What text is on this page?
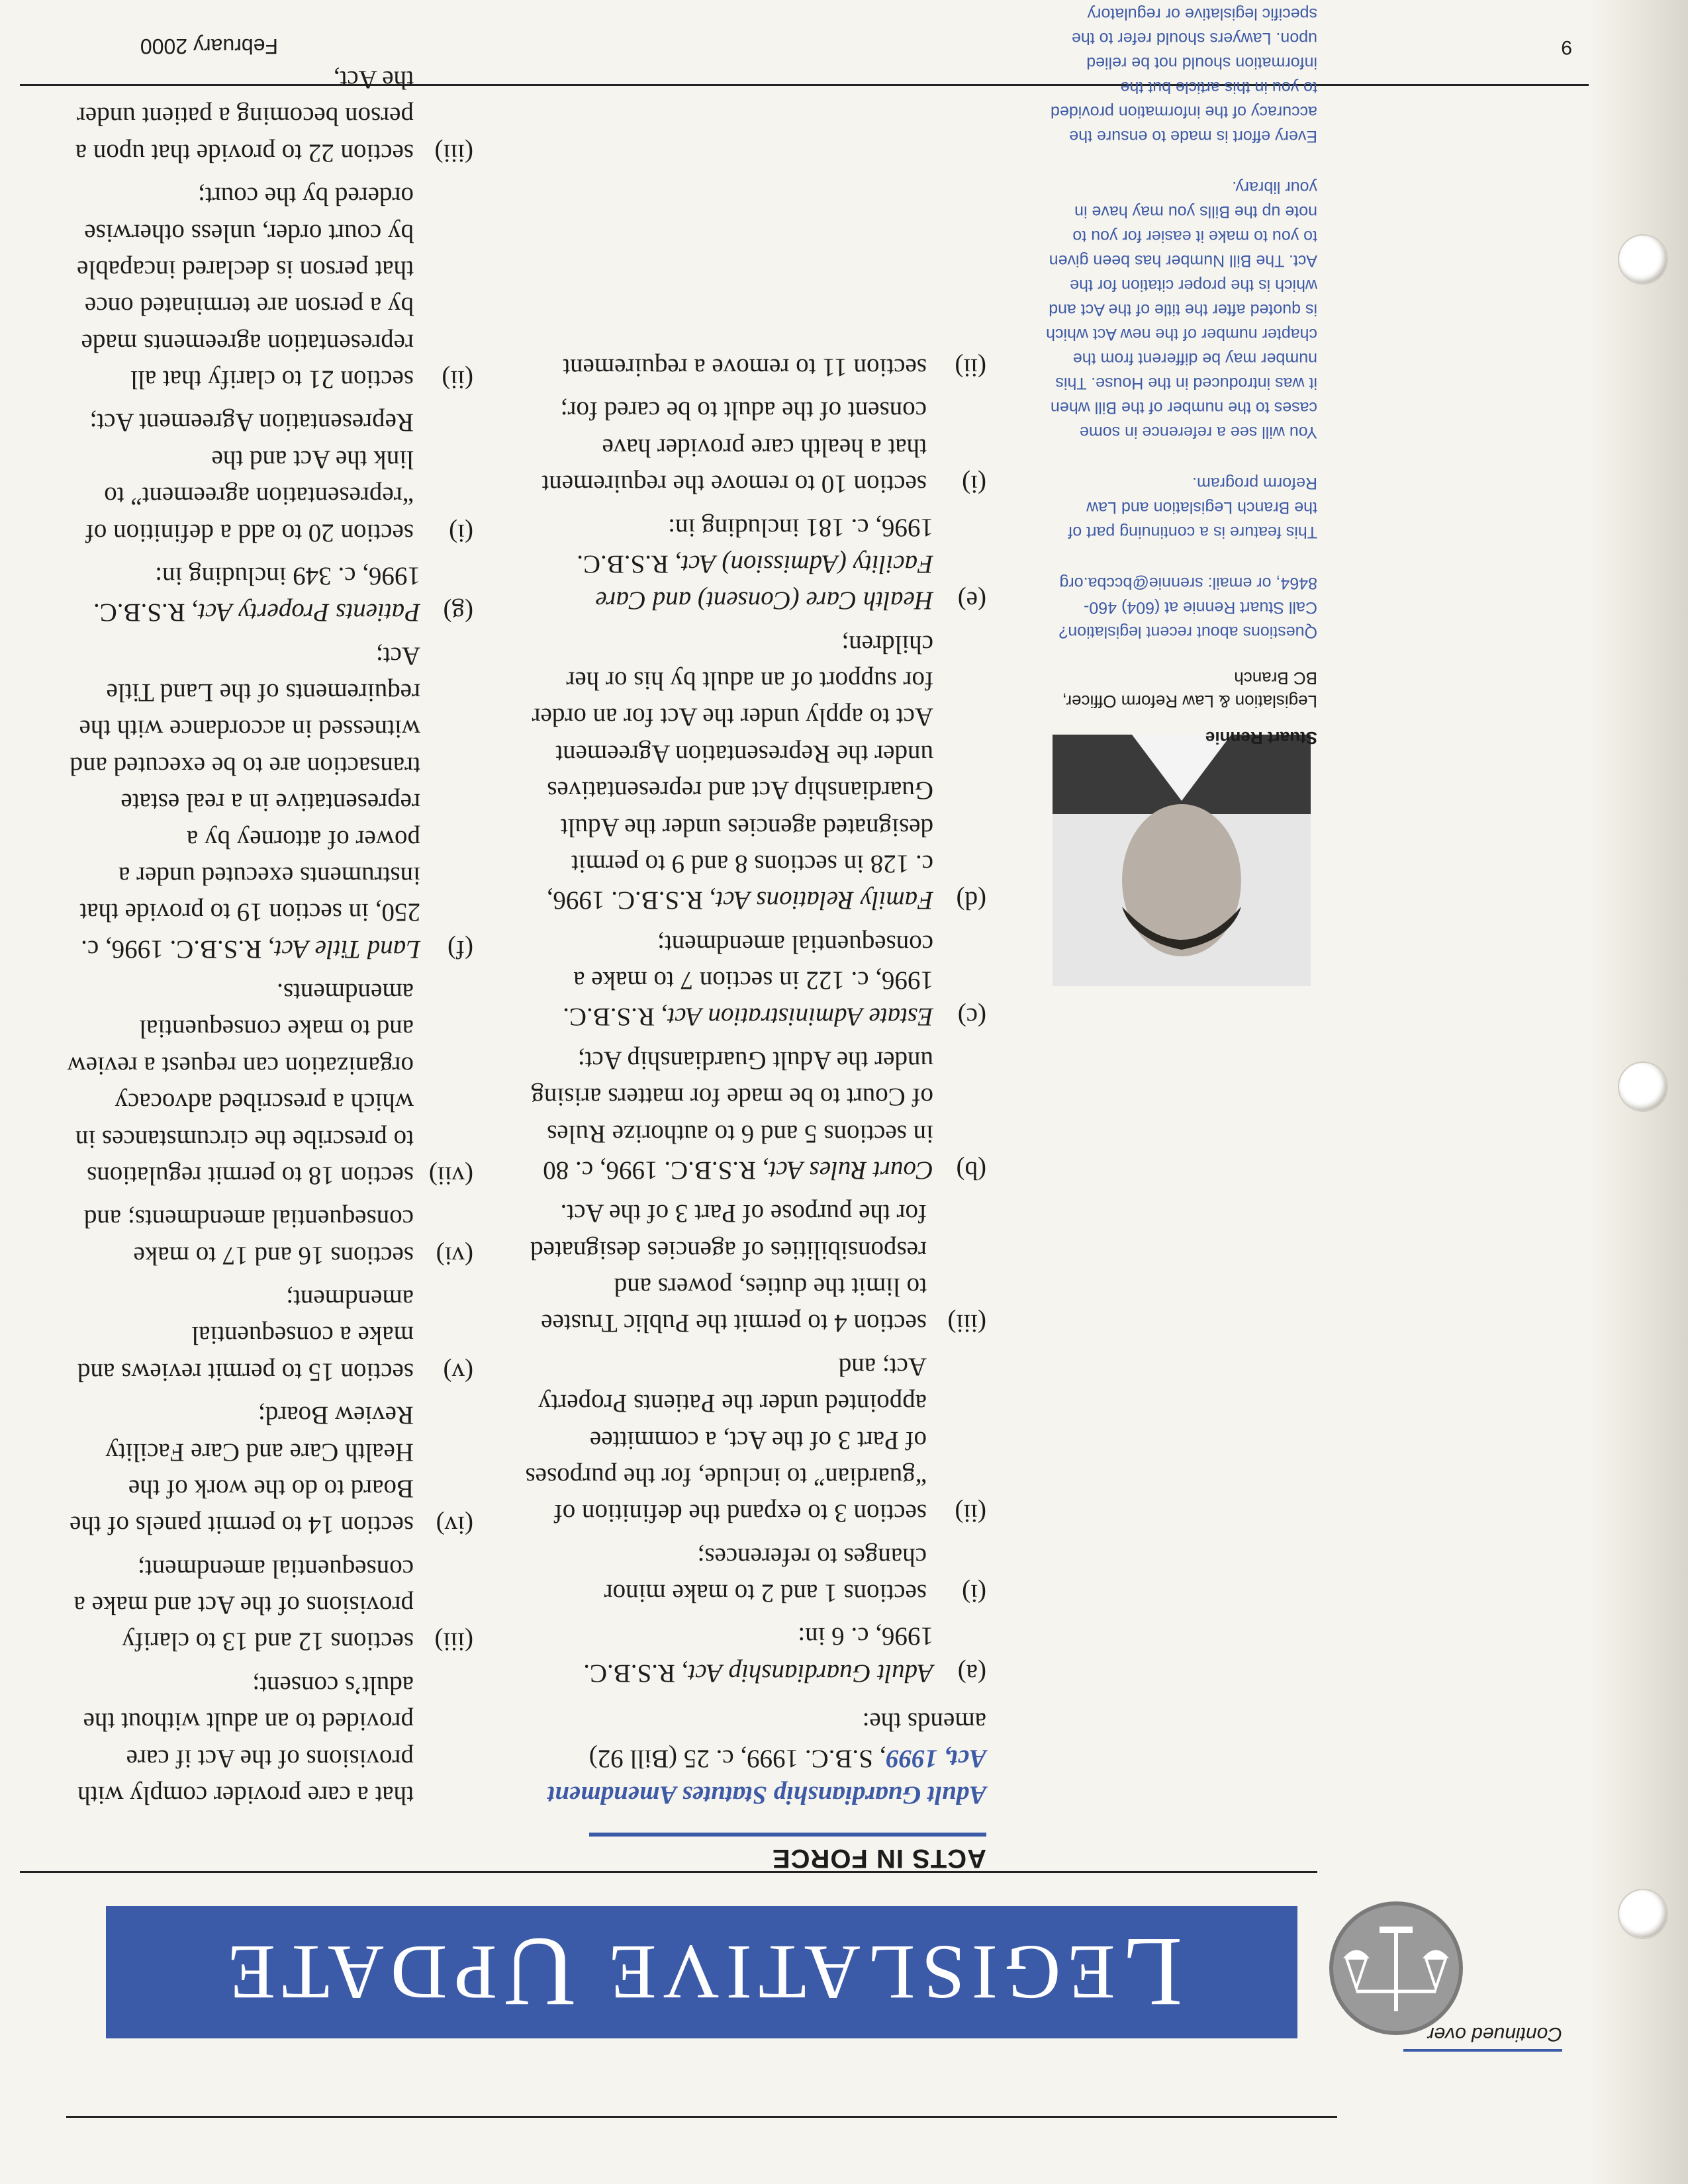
L
EGISLATIVE
U
PDATE

Stuart Rennie

Legislation & Law Reform Officer, BC Branch

Questions about recent legislation? Call Stuart Rennie at (604) 460-8464, or email: srennie@bccba.org

This feature is a continuing part of the Branch Legislation and Law Reform program.

You will see a reference in some cases to the number of the Bill when it was introduced in the House. This number may be different from the chapter number of the new Act which is quoted after the title of the Act and which is the proper citation for the Act. The Bill Number has been given to you to make it easier for you to note up the Bills you may have in your library.

Every effort is made to ensure the accuracy of the information provided to you in this article but the information should not be relied upon. Lawyers should refer to the specific legislative or regulatory

ACTS IN FORCE
Adult Guardianship Statutes Amendment Act, 1999, S.B.C. 1999, c. 25 (Bill 92) amends the:
(a)
Adult Guardianship Act, R.S.B.C. 1996, c. 6 in:
(i)
sections 1 and 2 to make minor changes to references;
(ii)
section 3 to expand the definition of “guardian” to include, for the purposes of Part 3 of the Act, a committee appointed under the Patients Property Act; and
(iii)
section 4 to permit the Public Trustee to limit the duties, powers and responsibilities of agencies designated for the purpose of Part 3 of the Act.
(b)
Court Rules Act, R.S.B.C. 1996, c. 80 in sections 5 and 6 to authorize Rules of Court to be made for matters arising under the Adult Guardianship Act;
(c)
Estate Administration Act, R.S.B.C. 1996, c. 122 in section 7 to make a consequential amendment;
(d)
Family Relations Act, R.S.B.C. 1996, c. 128 in sections 8 and 9 to permit designated agencies under the Adult Guardianship Act and representatives under the Representation Agreement Act to apply under the Act for an order for support of an adult by his or her children;
(e)
Health Care (Consent) and Care Facility (Admission) Act, R.S.B.C. 1996, c. 181 including in:
(i)
section 10 to remove the requirement that a health care provider have consent of the adult to be cared for;
(ii)
section 11 to remove a requirement
that a care provider comply with provisions of the Act if care provided to an adult without the adult’s consent;
(iii)
sections 12 and 13 to clarify provisions of the Act and make a consequential amendment;
(iv)
section 14 to permit panels of the Board to do the work of the Health Care and Care Facility Review Board;
(v)
section 15 to permit reviews and make a consequential amendment;
(vi)
sections 16 and 17 to make consequential amendments; and
(vii)
section 18 to permit regulations to prescribe the circumstances in which a prescribed advocacy organization can request a review and to make consequential amendments.
(f)
Land Title Act, R.S.B.C. 1996, c. 250, in section 19 to provide that instruments executed under a power of attorney by a representative in a real estate transaction are to be executed and witnessed in accordance with the requirements of the Land Title Act;
(g)
Patients Property Act, R.S.B.C. 1996, c. 349 including in:
(i)
section 20 to add a definition of “representation agreement” to link the Act and the Representation Agreement Act;
(ii)
section 21 to clarify that all representation agreements made by a person are terminated once that person is declared incapable by court order, unless otherwise ordered by the court;
(iii)
section 22 to provide that upon a person becoming a patient under the Act,
February 2000	9
Continued over
